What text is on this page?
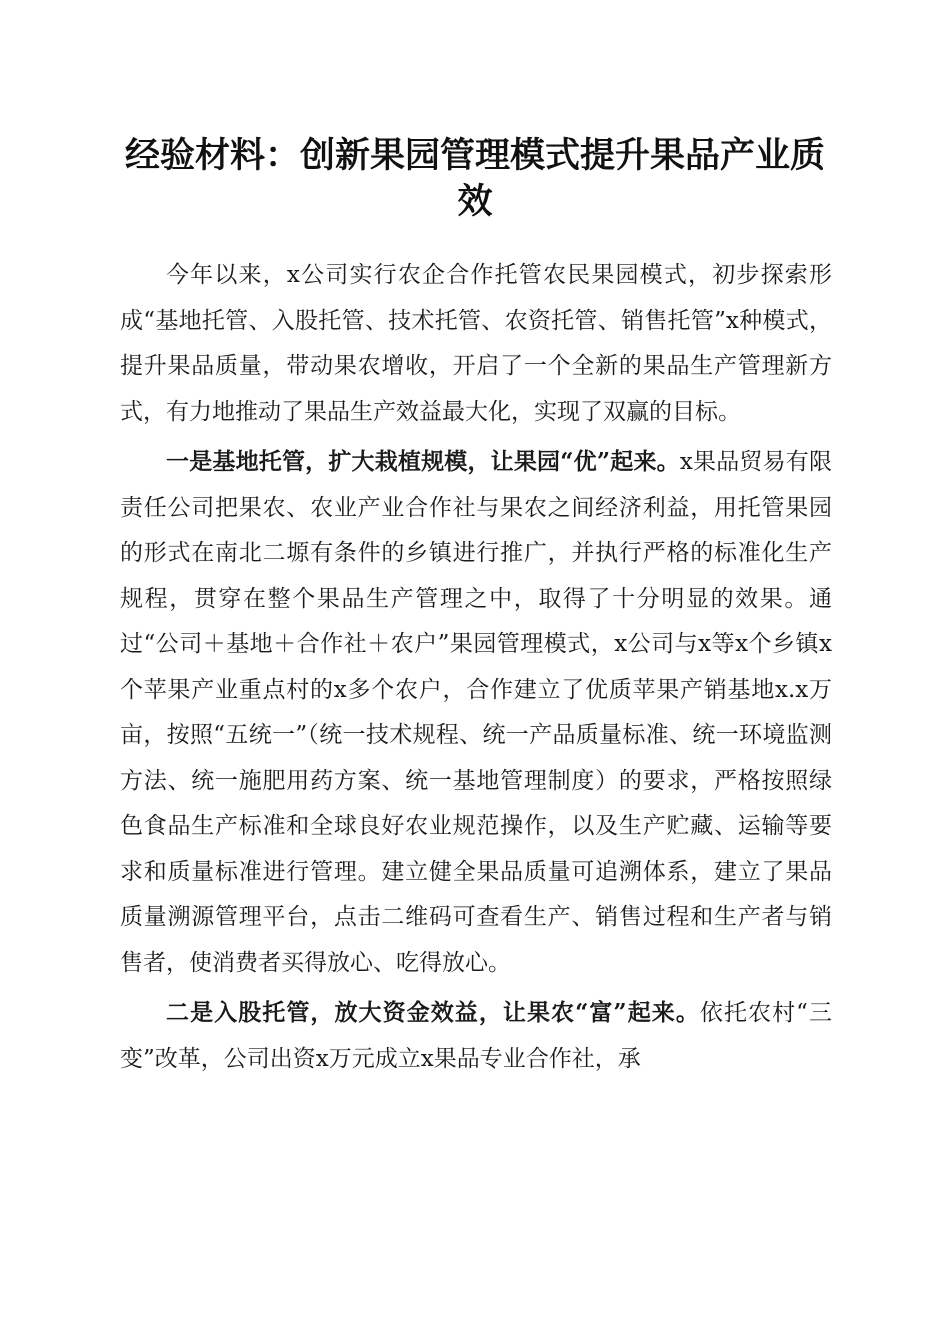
经验材料：创新果园管理模式提升果品产业质效

今年以来，x公司实行农企合作托管农民果园模式，初步探索形成“基地托管、入股托管、技术托管、农资托管、销售托管”x种模式，提升果品质量，带动果农增收，开启了一个全新的果品生产管理新方式，有力地推动了果品生产效益最大化，实现了双赢的目标。

一是基地托管，扩大栽植规模，让果园“优”起来。x果品贸易有限责任公司把果农、农业产业合作社与果农之间经济利益，用托管果园的形式在南北二塬有条件的乡镇进行推广，并执行严格的标准化生产规程，贯穿在整个果品生产管理之中，取得了十分明显的效果。通过“公司＋基地＋合作社＋农户”果园管理模式，x公司与x等x个乡镇x个苹果产业重点村的x多个农户，合作建立了优质苹果产销基地x.x万亩，按照“五统一”（统一技术规程、统一产品质量标准、统一环境监测方法、统一施肥用药方案、统一基地管理制度）的要求，严格按照绿色食品生产标准和全球良好农业规范操作，以及生产贮藏、运输等要求和质量标准进行管理。建立健全果品质量可追溯体系，建立了果品质量溯源管理平台，点击二维码可查看生产、销售过程和生产者与销售者，使消费者买得放心、吃得放心。

二是入股托管，放大资金效益，让果农“富”起来。依托农村“三变”改革，公司出资x万元成立x果品专业合作社，承
